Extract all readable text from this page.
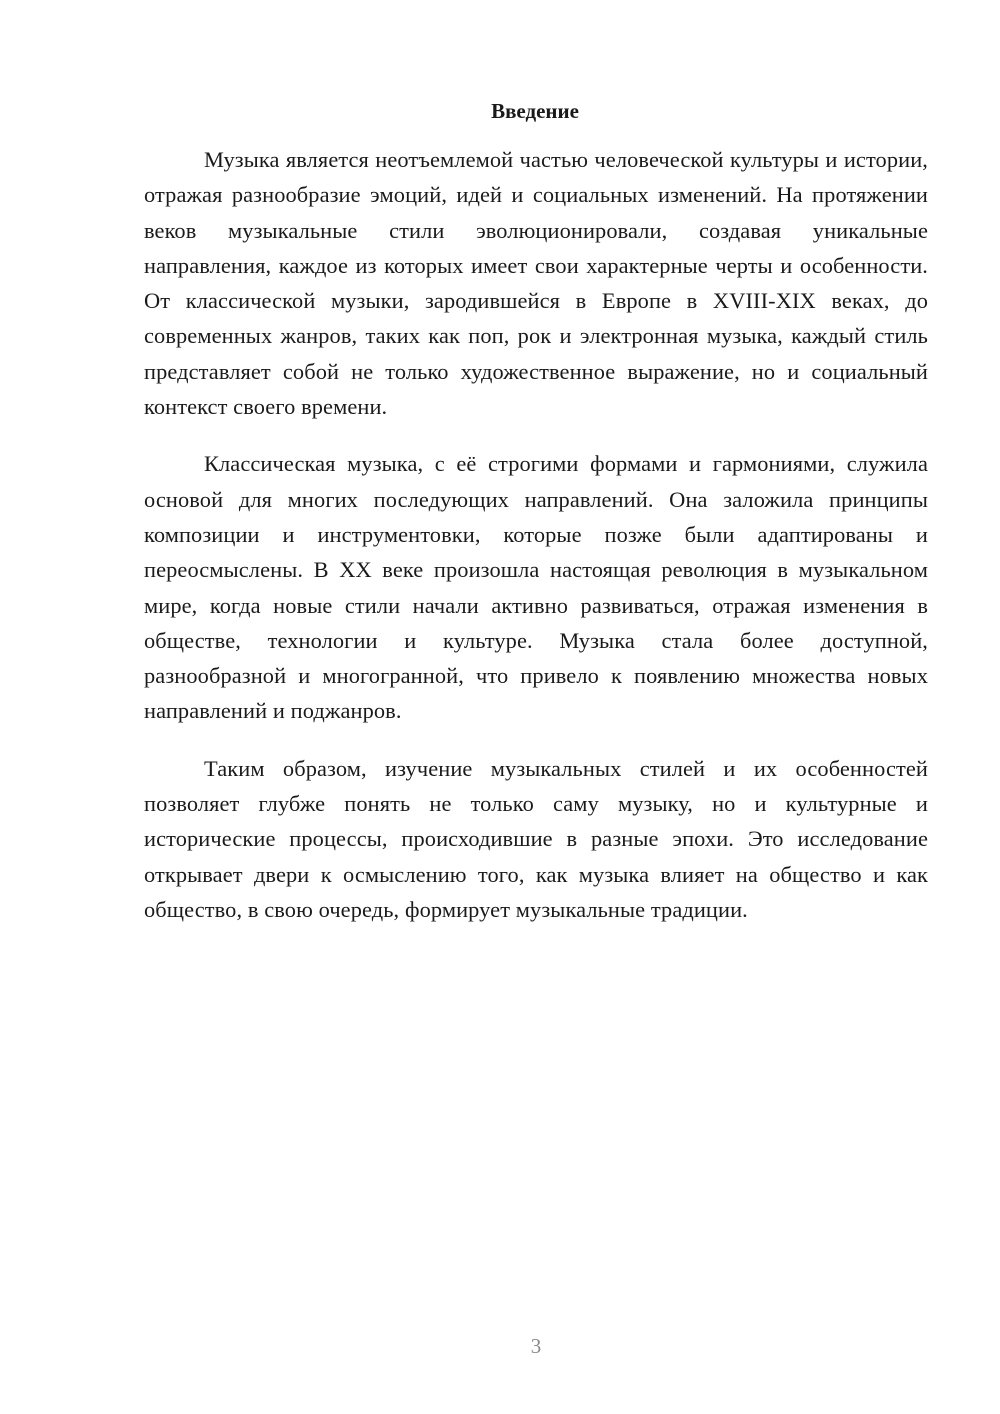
Введение

Музыка является неотъемлемой частью человеческой культуры и истории, отражая разнообразие эмоций, идей и социальных изменений. На протяжении веков музыкальные стили эволюционировали, создавая уникальные направления, каждое из которых имеет свои характерные черты и особенности. От классической музыки, зародившейся в Европе в XVIII-XIX веках, до современных жанров, таких как поп, рок и электронная музыка, каждый стиль представляет собой не только художественное выражение, но и социальный контекст своего времени.

Классическая музыка, с её строгими формами и гармониями, служила основой для многих последующих направлений. Она заложила принципы композиции и инструментовки, которые позже были адаптированы и переосмыслены. В XX веке произошла настоящая революция в музыкальном мире, когда новые стили начали активно развиваться, отражая изменения в обществе, технологии и культуре. Музыка стала более доступной, разнообразной и многогранной, что привело к появлению множества новых направлений и поджанров.

Таким образом, изучение музыкальных стилей и их особенностей позволяет глубже понять не только саму музыку, но и культурные и исторические процессы, происходившие в разные эпохи. Это исследование открывает двери к осмыслению того, как музыка влияет на общество и как общество, в свою очередь, формирует музыкальные традиции.

3
